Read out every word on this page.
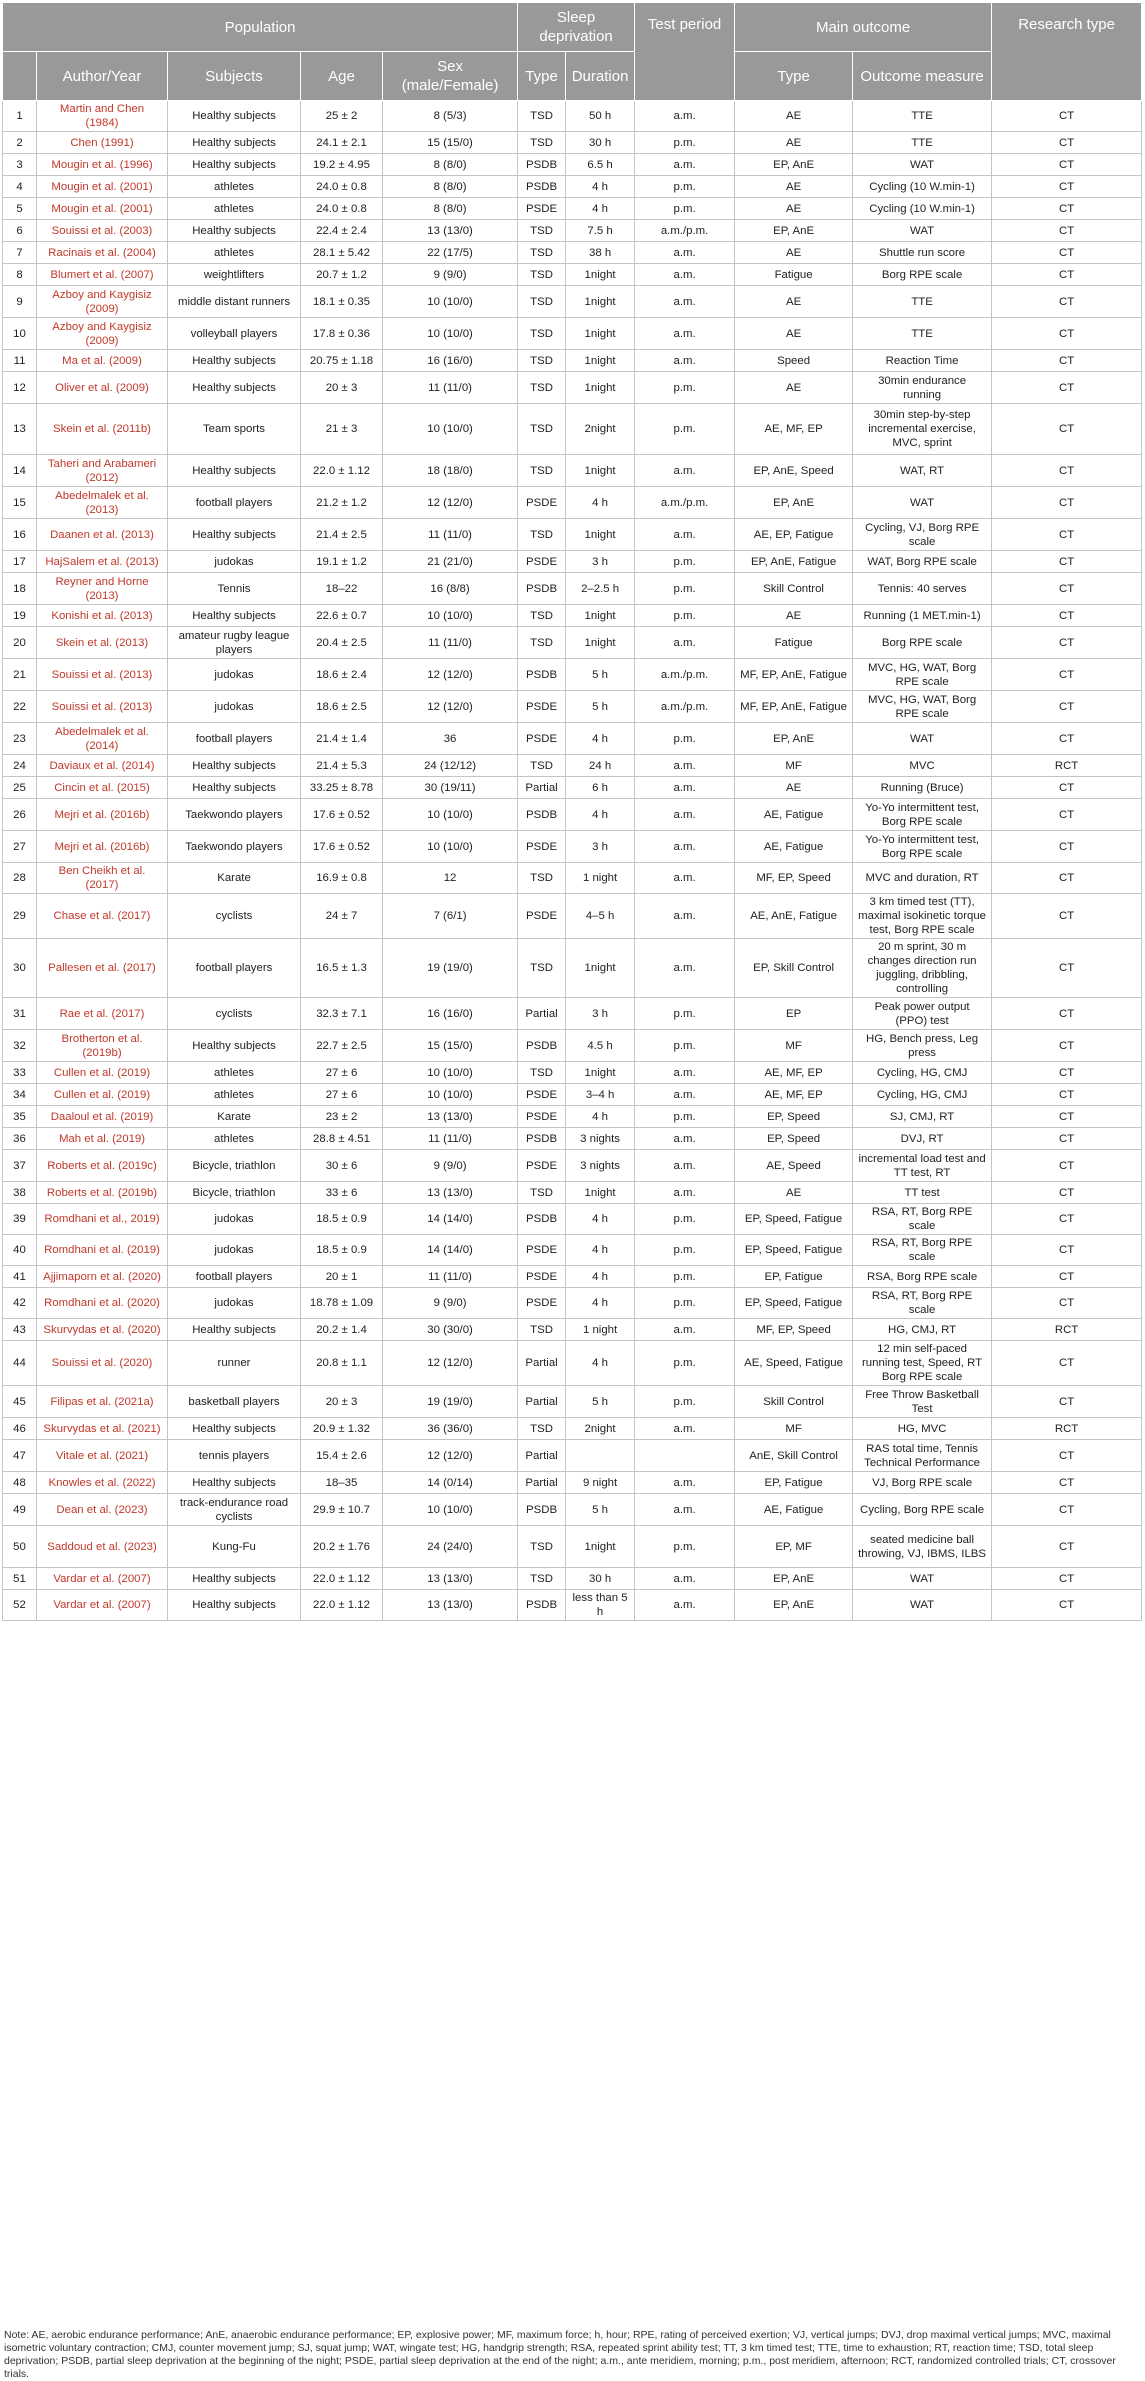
Population					Sleep deprivation		Test period	Main outcome		Research type
	Author/Year	Subjects	Age	Sex (male/Female)	Type	Duration		Type	Outcome measure	
1	Martin and Chen (1984)	Healthy subjects	25 ± 2	8 (5/3)	TSD	50 h	a.m.	AE	TTE	CT
2	Chen (1991)	Healthy subjects	24.1 ± 2.1	15 (15/0)	TSD	30 h	p.m.	AE	TTE	CT
3	Mougin et al. (1996)	Healthy subjects	19.2 ± 4.95	8 (8/0)	PSDB	6.5 h	a.m.	EP, AnE	WAT	CT
4	Mougin et al. (2001)	athletes	24.0 ± 0.8	8 (8/0)	PSDB	4 h	p.m.	AE	Cycling (10 W.min-1)	CT
5	Mougin et al. (2001)	athletes	24.0 ± 0.8	8 (8/0)	PSDE	4 h	p.m.	AE	Cycling (10 W.min-1)	CT
6	Souissi et al. (2003)	Healthy subjects	22.4 ± 2.4	13 (13/0)	TSD	7.5 h	a.m./p.m.	EP, AnE	WAT	CT
7	Racinais et al. (2004)	athletes	28.1 ± 5.42	22 (17/5)	TSD	38 h	a.m.	AE	Shuttle run score	CT
8	Blumert et al. (2007)	weightlifters	20.7 ± 1.2	9 (9/0)	TSD	1night	a.m.	Fatigue	Borg RPE scale	CT
9	Azboy and Kaygisiz (2009)	middle distant runners	18.1 ± 0.35	10 (10/0)	TSD	1night	a.m.	AE	TTE	CT
10	Azboy and Kaygisiz (2009)	volleyball players	17.8 ± 0.36	10 (10/0)	TSD	1night	a.m.	AE	TTE	CT
11	Ma et al. (2009)	Healthy subjects	20.75 ± 1.18	16 (16/0)	TSD	1night	a.m.	Speed	Reaction Time	CT
12	Oliver et al. (2009)	Healthy subjects	20 ± 3	11 (11/0)	TSD	1night	p.m.	AE	30min endurance running	CT
13	Skein et al. (2011b)	Team sports	21 ± 3	10 (10/0)	TSD	2night	p.m.	AE, MF, EP	30min step-by-step incremental exercise, MVC, sprint	CT
14	Taheri and Arabameri (2012)	Healthy subjects	22.0 ± 1.12	18 (18/0)	TSD	1night	a.m.	EP, AnE, Speed	WAT, RT	CT
15	Abedelmalek et al. (2013)	football players	21.2 ± 1.2	12 (12/0)	PSDE	4 h	a.m./p.m.	EP, AnE	WAT	CT
16	Daanen et al. (2013)	Healthy subjects	21.4 ± 2.5	11 (11/0)	TSD	1night	a.m.	AE, EP, Fatigue	Cycling, VJ, Borg RPE scale	CT
17	HajSalem et al. (2013)	judokas	19.1 ± 1.2	21 (21/0)	PSDE	3 h	p.m.	EP, AnE, Fatigue	WAT, Borg RPE scale	CT
18	Reyner and Horne (2013)	Tennis	18–22	16 (8/8)	PSDB	2–2.5 h	p.m.	Skill Control	Tennis: 40 serves	CT
19	Konishi et al. (2013)	Healthy subjects	22.6 ± 0.7	10 (10/0)	TSD	1night	p.m.	AE	Running (1 MET.min-1)	CT
20	Skein et al. (2013)	amateur rugby league players	20.4 ± 2.5	11 (11/0)	TSD	1night	a.m.	Fatigue	Borg RPE scale	CT
21	Souissi et al. (2013)	judokas	18.6 ± 2.4	12 (12/0)	PSDB	5 h	a.m./p.m.	MF, EP, AnE, Fatigue	MVC, HG, WAT, Borg RPE scale	CT
22	Souissi et al. (2013)	judokas	18.6 ± 2.5	12 (12/0)	PSDE	5 h	a.m./p.m.	MF, EP, AnE, Fatigue	MVC, HG, WAT, Borg RPE scale	CT
23	Abedelmalek et al. (2014)	football players	21.4 ± 1.4	36	PSDE	4 h	p.m.	EP, AnE	WAT	CT
24	Daviaux et al. (2014)	Healthy subjects	21.4 ± 5.3	24 (12/12)	TSD	24 h	a.m.	MF	MVC	RCT
25	Cincin et al. (2015)	Healthy subjects	33.25 ± 8.78	30 (19/11)	Partial	6 h	a.m.	AE	Running (Bruce)	CT
26	Mejri et al. (2016b)	Taekwondo players	17.6 ± 0.52	10 (10/0)	PSDB	4 h	a.m.	AE, Fatigue	Yo-Yo intermittent test, Borg RPE scale	CT
27	Mejri et al. (2016b)	Taekwondo players	17.6 ± 0.52	10 (10/0)	PSDE	3 h	a.m.	AE, Fatigue	Yo-Yo intermittent test, Borg RPE scale	CT
28	Ben Cheikh et al. (2017)	Karate	16.9 ± 0.8	12	TSD	1 night	a.m.	MF, EP, Speed	MVC and duration, RT	CT
29	Chase et al. (2017)	cyclists	24 ± 7	7 (6/1)	PSDE	4–5 h	a.m.	AE, AnE, Fatigue	3 km timed test (TT), maximal isokinetic torque test, Borg RPE scale	CT
30	Pallesen et al. (2017)	football players	16.5 ± 1.3	19 (19/0)	TSD	1night	a.m.	EP, Skill Control	20 m sprint, 30 m changes direction run juggling, dribbling, controlling	CT
31	Rae et al. (2017)	cyclists	32.3 ± 7.1	16 (16/0)	Partial	3 h	p.m.	EP	Peak power output (PPO) test	CT
32	Brotherton et al. (2019b)	Healthy subjects	22.7 ± 2.5	15 (15/0)	PSDB	4.5 h	p.m.	MF	HG, Bench press, Leg press	CT
33	Cullen et al. (2019)	athletes	27 ± 6	10 (10/0)	TSD	1night	a.m.	AE, MF, EP	Cycling, HG, CMJ	CT
34	Cullen et al. (2019)	athletes	27 ± 6	10 (10/0)	PSDE	3–4 h	a.m.	AE, MF, EP	Cycling, HG, CMJ	CT
35	Daaloul et al. (2019)	Karate	23 ± 2	13 (13/0)	PSDE	4 h	p.m.	EP, Speed	SJ, CMJ, RT	CT
36	Mah et al. (2019)	athletes	28.8 ± 4.51	11 (11/0)	PSDB	3 nights	a.m.	EP, Speed	DVJ, RT	CT
37	Roberts et al. (2019c)	Bicycle, triathlon	30 ± 6	9 (9/0)	PSDE	3 nights	a.m.	AE, Speed	incremental load test and TT test, RT	CT
38	Roberts et al. (2019b)	Bicycle, triathlon	33 ± 6	13 (13/0)	TSD	1night	a.m.	AE	TT test	CT
39	Romdhani et al., 2019)	judokas	18.5 ± 0.9	14 (14/0)	PSDB	4 h	p.m.	EP, Speed, Fatigue	RSA, RT, Borg RPE scale	CT
40	Romdhani et al. (2019)	judokas	18.5 ± 0.9	14 (14/0)	PSDE	4 h	p.m.	EP, Speed, Fatigue	RSA, RT, Borg RPE scale	CT
41	Ajjimaporn et al. (2020)	football players	20 ± 1	11 (11/0)	PSDE	4 h	p.m.	EP, Fatigue	RSA, Borg RPE scale	CT
42	Romdhani et al. (2020)	judokas	18.78 ± 1.09	9 (9/0)	PSDE	4 h	p.m.	EP, Speed, Fatigue	RSA, RT, Borg RPE scale	CT
43	Skurvydas et al. (2020)	Healthy subjects	20.2 ± 1.4	30 (30/0)	TSD	1 night	a.m.	MF, EP, Speed	HG, CMJ, RT	RCT
44	Souissi et al. (2020)	runner	20.8 ± 1.1	12 (12/0)	Partial	4 h	p.m.	AE, Speed, Fatigue	12 min self-paced running test, Speed, RT Borg RPE scale	CT
45	Filipas et al. (2021a)	basketball players	20 ± 3	19 (19/0)	Partial	5 h	p.m.	Skill Control	Free Throw Basketball Test	CT
46	Skurvydas et al. (2021)	Healthy subjects	20.9 ± 1.32	36 (36/0)	TSD	2night	a.m.	MF	HG, MVC	RCT
47	Vitale et al. (2021)	tennis players	15.4 ± 2.6	12 (12/0)	Partial			AnE, Skill Control	RAS total time, Tennis Technical Performance	CT
48	Knowles et al. (2022)	Healthy subjects	18–35	14 (0/14)	Partial	9 night	a.m.	EP, Fatigue	VJ, Borg RPE scale	CT
49	Dean et al. (2023)	track-endurance road cyclists	29.9 ± 10.7	10 (10/0)	PSDB	5 h	a.m.	AE, Fatigue	Cycling, Borg RPE scale	CT
50	Saddoud et al. (2023)	Kung-Fu	20.2 ± 1.76	24 (24/0)	TSD	1night	p.m.	EP, MF	seated medicine ball throwing, VJ, IBMS, ILBS	CT
51	Vardar et al. (2007)	Healthy subjects	22.0 ± 1.12	13 (13/0)	TSD	30 h	a.m.	EP, AnE	WAT	CT
52	Vardar et al. (2007)	Healthy subjects	22.0 ± 1.12	13 (13/0)	PSDB	less than 5 h	a.m.	EP, AnE	WAT	CT
Note: AE, aerobic endurance performance; AnE, anaerobic endurance performance; EP, explosive power; MF, maximum force; h, hour; RPE, rating of perceived exertion; VJ, vertical jumps; DVJ, drop maximal vertical jumps; MVC, maximal isometric voluntary contraction; CMJ, counter movement jump; SJ, squat jump; WAT, wingate test; HG, handgrip strength; RSA, repeated sprint ability test; TT, 3 km timed test; TTE, time to exhaustion; RT, reaction time; TSD, total sleep deprivation; PSDB, partial sleep deprivation at the beginning of the night; PSDE, partial sleep deprivation at the end of the night; a.m., ante meridiem, morning; p.m., post meridiem, afternoon; RCT, randomized controlled trials; CT, crossover trials.
